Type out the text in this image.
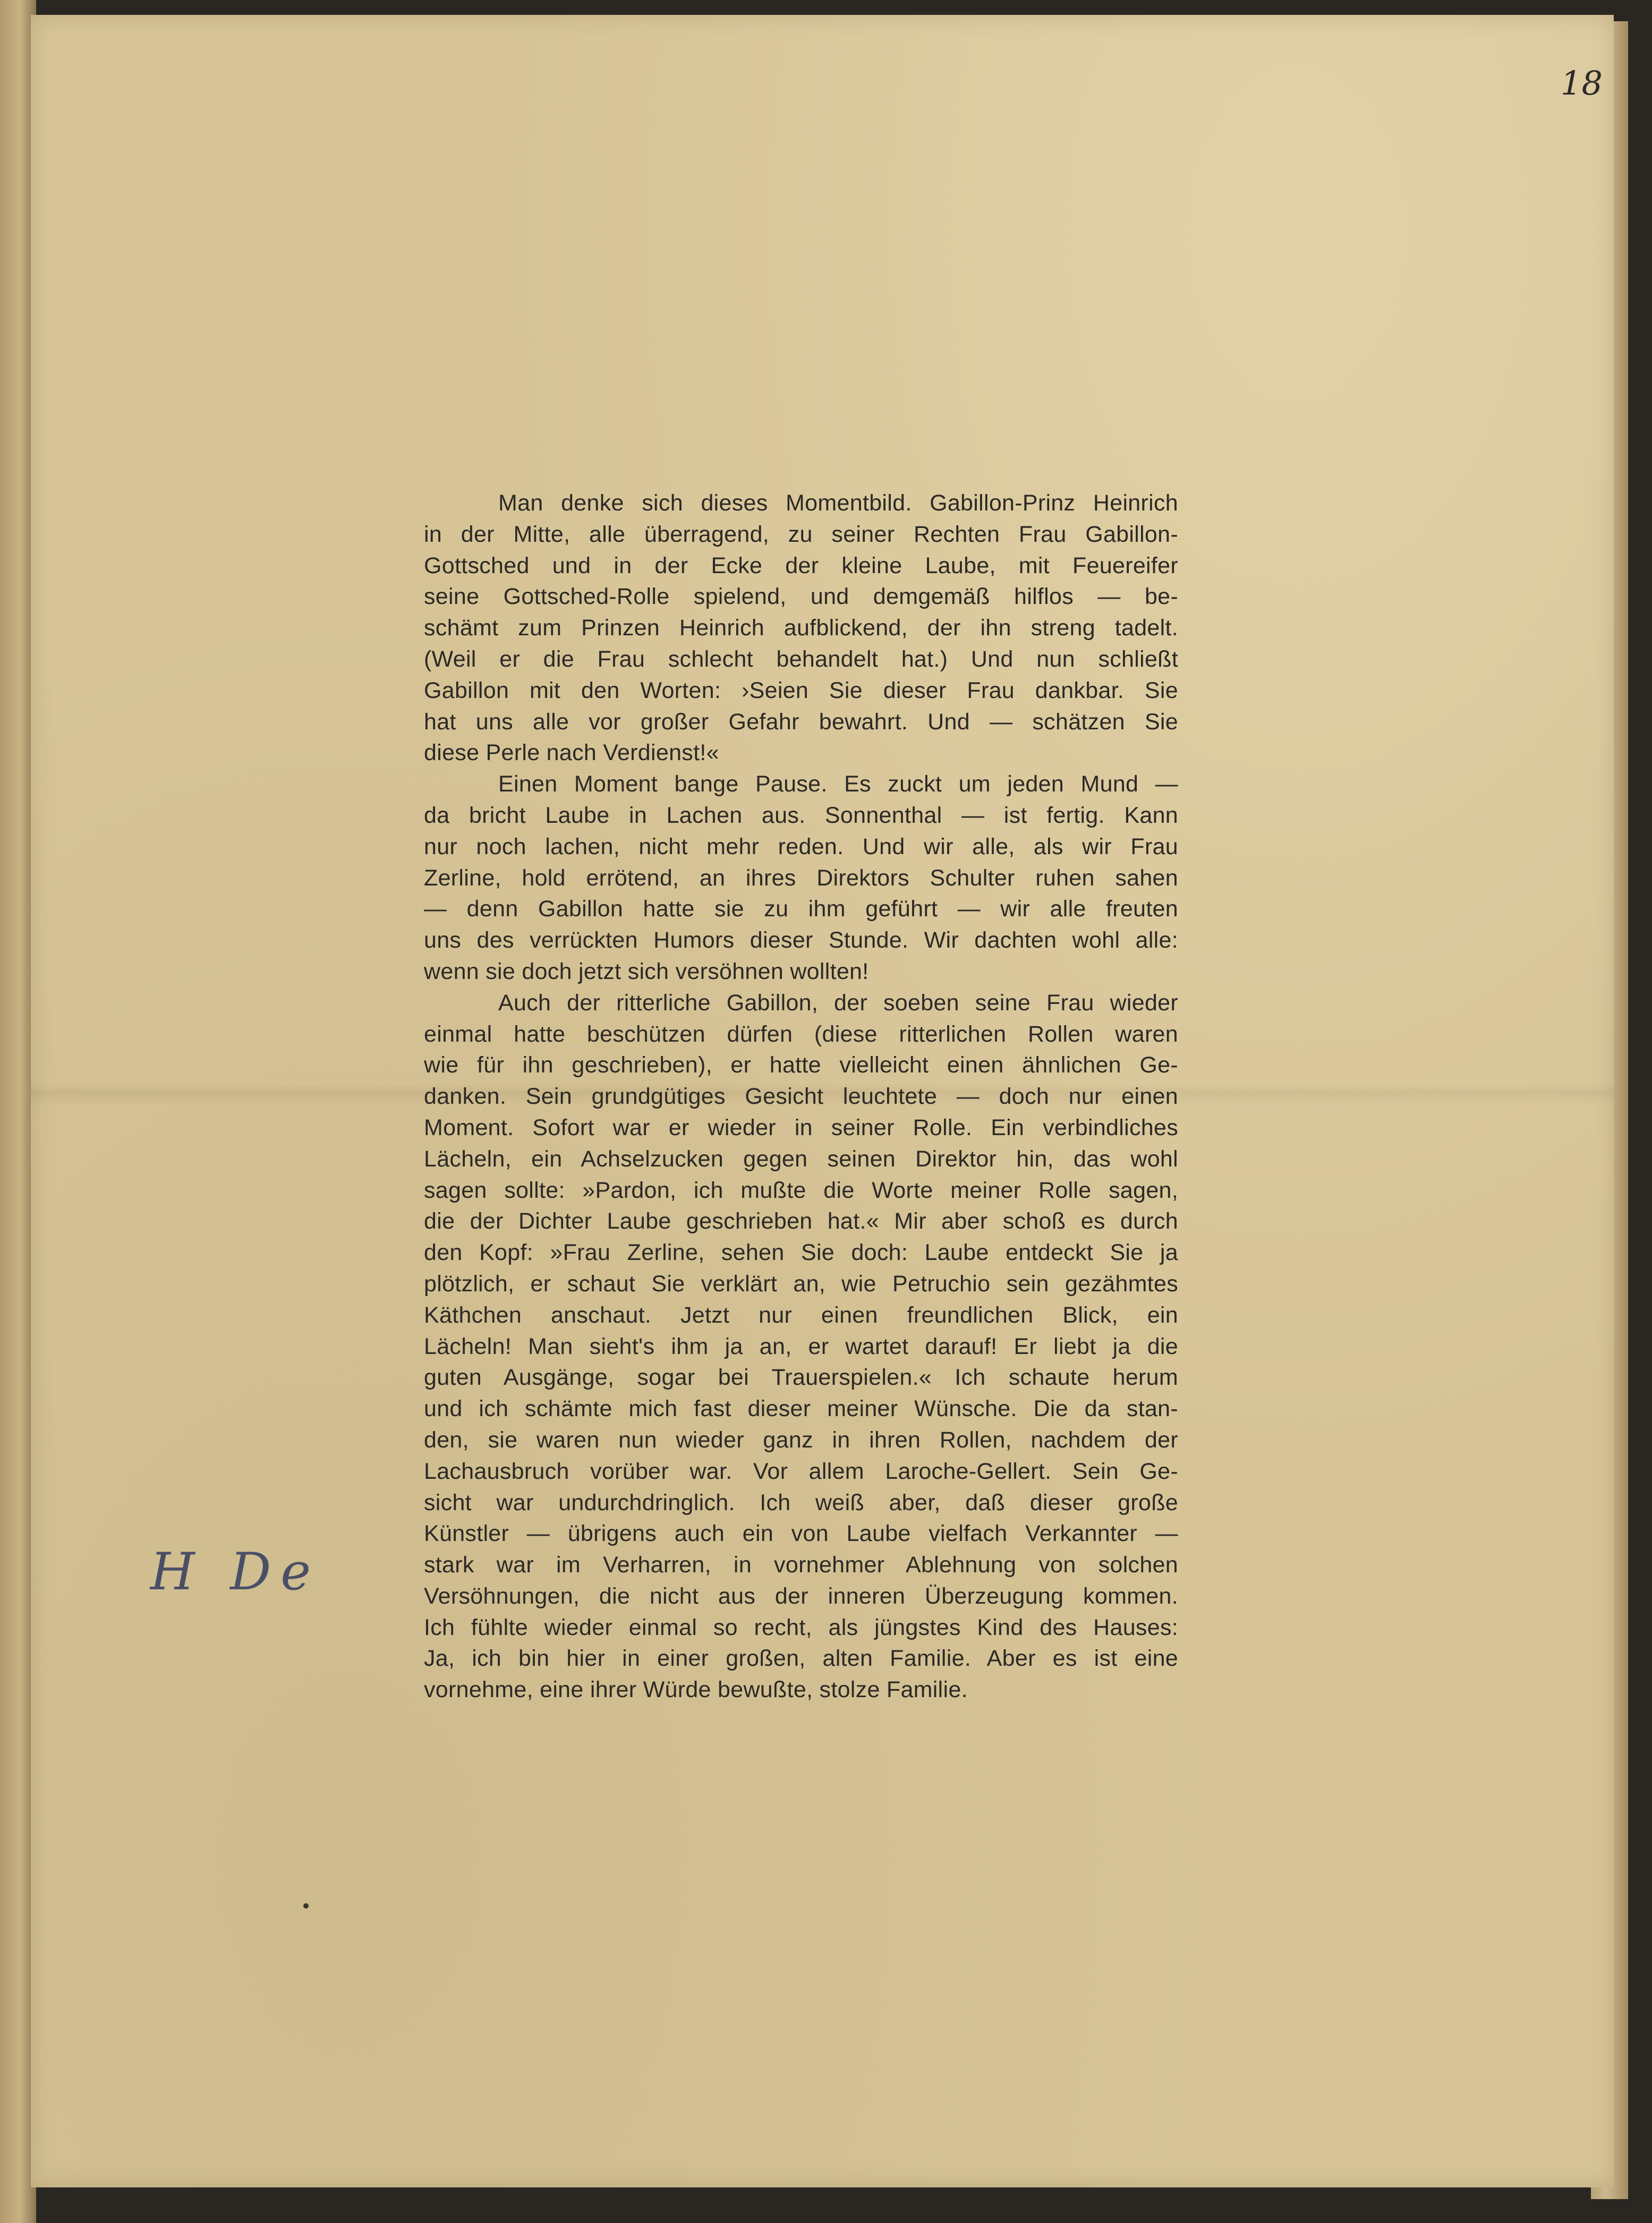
18
H De
Man denke sich dieses Momentbild. Gabillon-Prinz Heinrich
in der Mitte, alle überragend, zu seiner Rechten Frau Gabillon-
Gottsched und in der Ecke der kleine Laube, mit Feuereifer
seine Gottsched-Rolle spielend, und demgemäß hilflos — be-
schämt zum Prinzen Heinrich aufblickend, der ihn streng tadelt.
(Weil er die Frau schlecht behandelt hat.) Und nun schließt
Gabillon mit den Worten: ›Seien Sie dieser Frau dankbar. Sie
hat uns alle vor großer Gefahr bewahrt. Und — schätzen Sie
diese Perle nach Verdienst!«
Einen Moment bange Pause. Es zuckt um jeden Mund —
da bricht Laube in Lachen aus. Sonnenthal — ist fertig. Kann
nur noch lachen, nicht mehr reden. Und wir alle, als wir Frau
Zerline, hold errötend, an ihres Direktors Schulter ruhen sahen
— denn Gabillon hatte sie zu ihm geführt — wir alle freuten
uns des verrückten Humors dieser Stunde. Wir dachten wohl alle:
wenn sie doch jetzt sich versöhnen wollten!
Auch der ritterliche Gabillon, der soeben seine Frau wieder
einmal hatte beschützen dürfen (diese ritterlichen Rollen waren
wie für ihn geschrieben), er hatte vielleicht einen ähnlichen Ge-
danken. Sein grundgütiges Gesicht leuchtete — doch nur einen
Moment. Sofort war er wieder in seiner Rolle. Ein verbindliches
Lächeln, ein Achselzucken gegen seinen Direktor hin, das wohl
sagen sollte: »Pardon, ich mußte die Worte meiner Rolle sagen,
die der Dichter Laube geschrieben hat.« Mir aber schoß es durch
den Kopf: »Frau Zerline, sehen Sie doch: Laube entdeckt Sie ja
plötzlich, er schaut Sie verklärt an, wie Petruchio sein gezähmtes
Käthchen anschaut. Jetzt nur einen freundlichen Blick, ein
Lächeln! Man sieht's ihm ja an, er wartet darauf! Er liebt ja die
guten Ausgänge, sogar bei Trauerspielen.« Ich schaute herum
und ich schämte mich fast dieser meiner Wünsche. Die da stan-
den, sie waren nun wieder ganz in ihren Rollen, nachdem der
Lachausbruch vorüber war. Vor allem Laroche-Gellert. Sein Ge-
sicht war undurchdringlich. Ich weiß aber, daß dieser große
Künstler — übrigens auch ein von Laube vielfach Verkannter —
stark war im Verharren, in vornehmer Ablehnung von solchen
Versöhnungen, die nicht aus der inneren Überzeugung kommen.
Ich fühlte wieder einmal so recht, als jüngstes Kind des Hauses:
Ja, ich bin hier in einer großen, alten Familie. Aber es ist eine
vornehme, eine ihrer Würde bewußte, stolze Familie.
